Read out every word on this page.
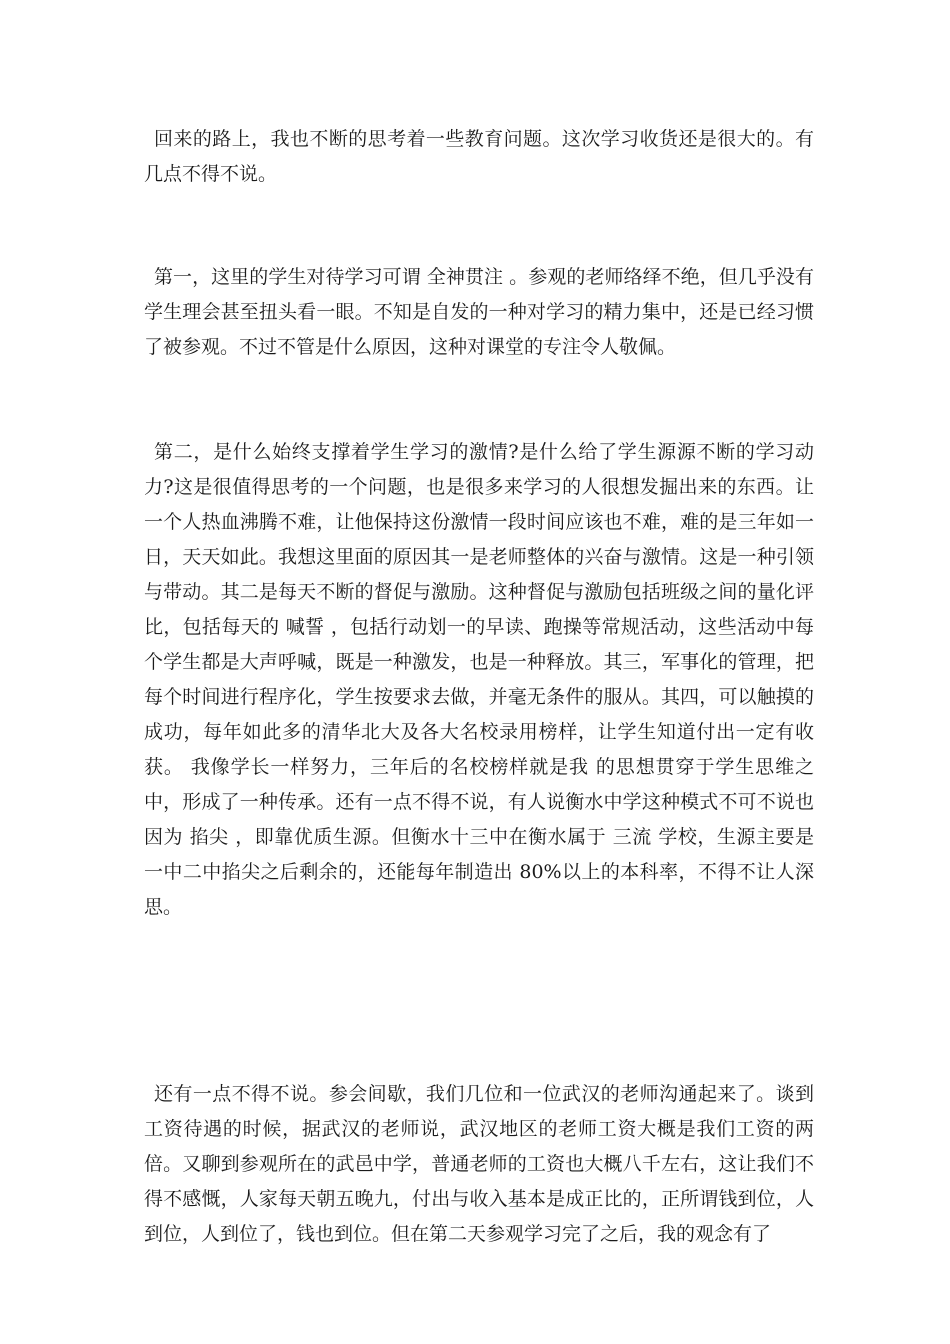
回来的路上，我也不断的思考着一些教育问题。这次学习收货还是很大的。有几点不得不说。

第一，这里的学生对待学习可谓 全神贯注 。参观的老师络绎不绝，但几乎没有学生理会甚至扭头看一眼。不知是自发的一种对学习的精力集中，还是已经习惯了被参观。不过不管是什么原因，这种对课堂的专注令人敬佩。

第二，是什么始终支撑着学生学习的激情?是什么给了学生源源不断的学习动力?这是很值得思考的一个问题，也是很多来学习的人很想发掘出来的东西。让一个人热血沸腾不难，让他保持这份激情一段时间应该也不难，难的是三年如一日，天天如此。我想这里面的原因其一是老师整体的兴奋与激情。这是一种引领与带动。其二是每天不断的督促与激励。这种督促与激励包括班级之间的量化评比，包括每天的 喊誓 ，包括行动划一的早读、跑操等常规活动，这些活动中每个学生都是大声呼喊，既是一种激发，也是一种释放。其三，军事化的管理，把每个时间进行程序化，学生按要求去做，并毫无条件的服从。其四，可以触摸的成功，每年如此多的清华北大及各大名校录用榜样，让学生知道付出一定有收获。 我像学长一样努力，三年后的名校榜样就是我 的思想贯穿于学生思维之中，形成了一种传承。还有一点不得不说，有人说衡水中学这种模式不可不说也因为 掐尖 ，即靠优质生源。但衡水十三中在衡水属于 三流 学校，生源主要是一中二中掐尖之后剩余的，还能每年制造出 80%以上的本科率，不得不让人深思。

还有一点不得不说。参会间歇，我们几位和一位武汉的老师沟通起来了。谈到工资待遇的时候，据武汉的老师说，武汉地区的老师工资大概是我们工资的两倍。又聊到参观所在的武邑中学，普通老师的工资也大概八千左右，这让我们不得不感慨，人家每天朝五晚九，付出与收入基本是成正比的，正所谓钱到位，人到位，人到位了，钱也到位。但在第二天参观学习完了之后，我的观念有了
